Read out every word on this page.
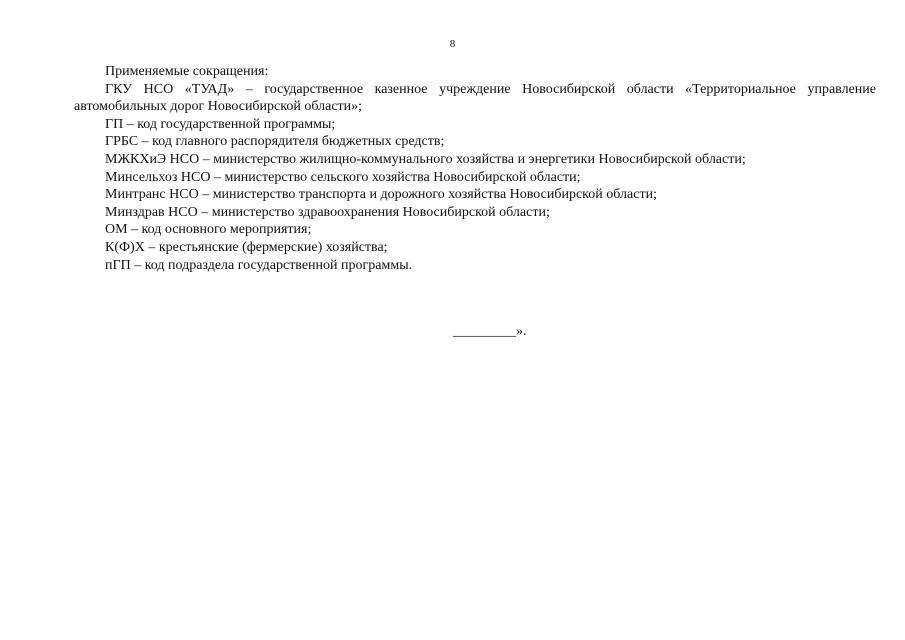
8

Применяемые сокращения:

ГКУ НСО «ТУАД» – государственное казенное учреждение Новосибирской области «Территориальное управление автомобильных дорог Новосибирской области»;

ГП – код государственной программы;

ГРБС – код главного распорядителя бюджетных средств;

МЖКХиЭ НСО – министерство жилищно-коммунального хозяйства и энергетики Новосибирской области;

Минсельхоз НСО – министерство сельского хозяйства Новосибирской области;

Минтранс НСО – министерство транспорта и дорожного хозяйства Новосибирской области;

Минздрав НСО – министерство здравоохранения Новосибирской области;

ОМ – код основного мероприятия;

К(Ф)Х – крестьянские (фермерские) хозяйства;

пГП – код подраздела государственной программы.

_________».
